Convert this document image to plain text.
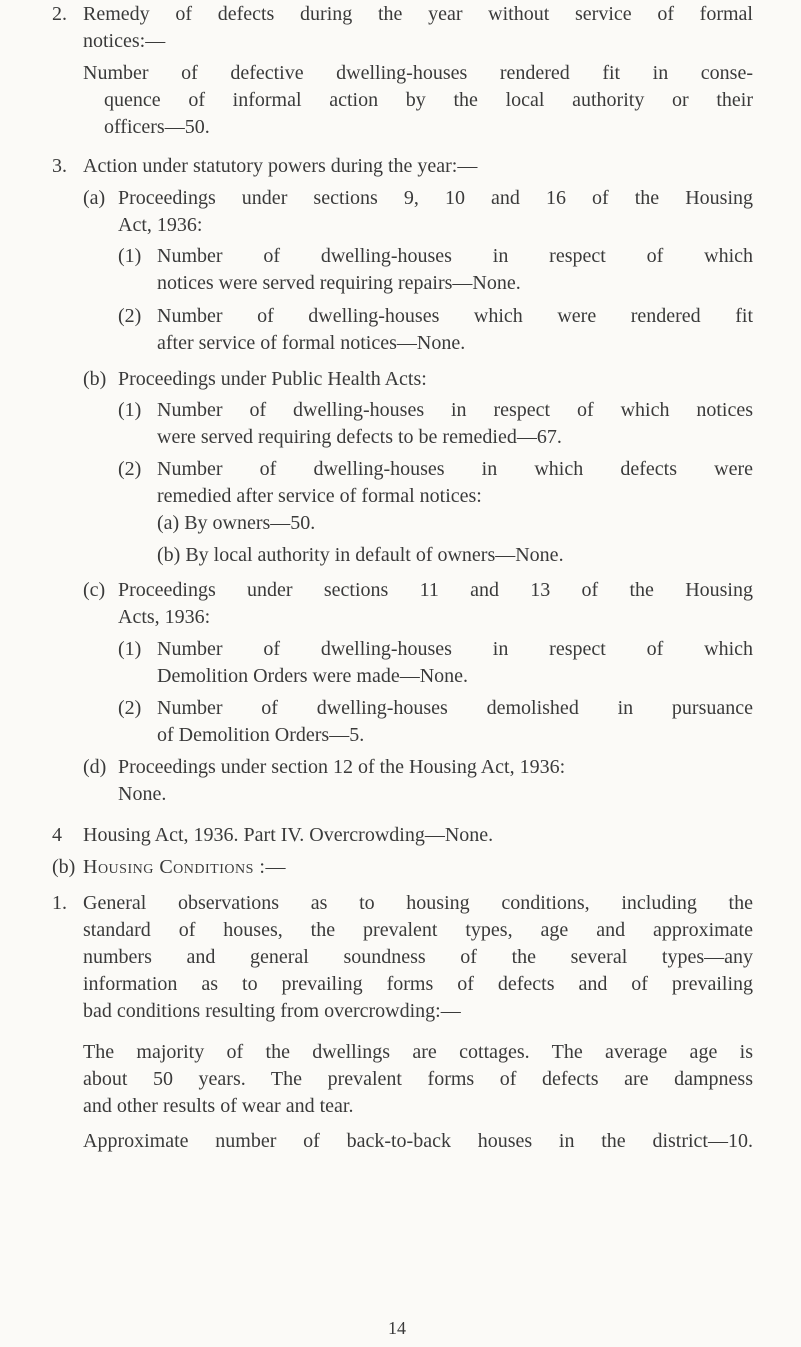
2. Remedy of defects during the year without service of formal
notices:—
Number of defective dwelling-houses rendered fit in conse-
quence of informal action by the local authority or their
officers—50.
3. Action under statutory powers during the year:—
(a) Proceedings under sections 9, 10 and 16 of the Housing
Act, 1936:
(1) Number of dwelling-houses in respect of which
notices were served requiring repairs—None.
(2) Number of dwelling-houses which were rendered fit
after service of formal notices—None.
(b) Proceedings under Public Health Acts:
(1) Number of dwelling-houses in respect of which notices
were served requiring defects to be remedied—67.
(2) Number of dwelling-houses in which defects were
remedied after service of formal notices:
(a) By owners—50.
(b) By local authority in default of owners—None.
(c) Proceedings under sections 11 and 13 of the Housing
Acts, 1936:
(1) Number of dwelling-houses in respect of which
Demolition Orders were made—None.
(2) Number of dwelling-houses demolished in pursuance
of Demolition Orders—5.
(d) Proceedings under section 12 of the Housing Act, 1936:
None.
4 Housing Act, 1936. Part IV. Overcrowding—None.
(b) Housing Conditions :—
1. General observations as to housing conditions, including the
standard of houses, the prevalent types, age and approximate
numbers and general soundness of the several types—any
information as to prevailing forms of defects and of prevailing
bad conditions resulting from overcrowding:—
The majority of the dwellings are cottages. The average age is
about 50 years. The prevalent forms of defects are dampness
and other results of wear and tear.
Approximate number of back-to-back houses in the district—10.
14
